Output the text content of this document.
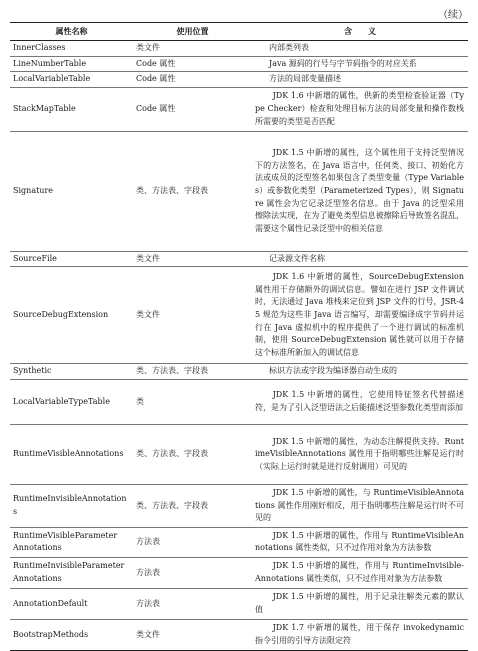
（续）
属性名称	使用位置	含　　义
InnerClasses	类文件	内部类列表
LineNumberTable	Code 属性	Java 源码的行号与字节码指令的对应关系
LocalVariableTable	Code 属性	方法的局部变量描述
StackMapTable	Code 属性	JDK 1.6 中新增的属性，供新的类型检查验证器（Type Checker）检查和处理目标方法的局部变量和操作数栈所需要的类型是否匹配

Signature	类、方法表、字段表	JDK 1.5 中新增的属性，这个属性用于支持泛型情况下的方法签名，在 Java 语言中，任何类、接口、初始化方法或成员的泛型签名如果包含了类型变量（Type Variables）或参数化类型（Parameterized Types），则 Signature 属性会为它记录泛型签名信息。由于 Java 的泛型采用擦除法实现，在为了避免类型信息被擦除后导致签名混乱，需要这个属性记录泛型中的相关信息

SourceFile	类文件	记录源文件名称
SourceDebugExtension	类文件	JDK 1.6 中新增的属性，SourceDebugExtension 属性用于存储额外的调试信息。譬如在进行 JSP 文件调试时，无法通过 Java 堆栈来定位到 JSP 文件的行号，JSR-45 规范为这些非 Java 语言编写，却需要编译成字节码并运行在 Java 虚拟机中的程序提供了一个进行调试的标准机制，使用 SourceDebugExtension 属性就可以用于存储这个标准所新加入的调试信息

Synthetic	类、方法表、字段表	标识方法或字段为编译器自动生成的
LocalVariableTypeTable	类	JDK 1.5 中新增的属性，它使用特征签名代替描述符，是为了引入泛型语法之后能描述泛型参数化类型而添加

RuntimeVisibleAnnotations	类、方法表、字段表	JDK 1.5 中新增的属性，为动态注解提供支持。RuntimeVisibleAnnotations 属性用于指明哪些注解是运行时（实际上运行时就是进行反射调用）可见的

RuntimeInvisibleAnnotations	类、方法表、字段表	JDK 1.5 中新增的属性，与 RuntimeVisibleAnnotations 属性作用刚好相反，用于指明哪些注解是运行时不可见的

RuntimeVisibleParameter
Annotations	方法表	JDK 1.5 中新增的属性，作用与 RuntimeVisibleAnnotations 属性类似，只不过作用对象为方法参数

RuntimeInvisibleParameter
Annotations	方法表	JDK 1.5 中新增的属性，作用与 RuntimeInvisible-Annotations 属性类似，只不过作用对象为方法参数

AnnotationDefault	方法表	JDK 1.5 中新增的属性，用于记录注解类元素的默认值

BootstrapMethods	类文件	JDK 1.7 中新增的属性，用于保存 invokedynamic 指令引用的引导方法限定符
